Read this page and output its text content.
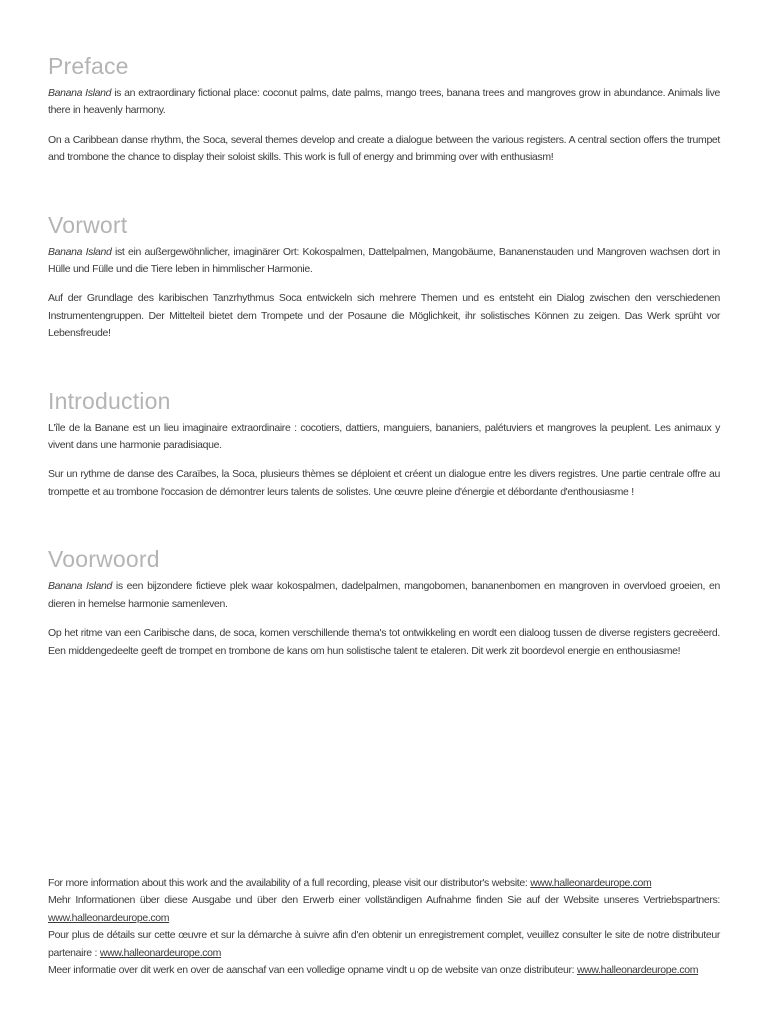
Preface

Banana Island is an extraordinary fictional place: coconut palms, date palms, mango trees, banana trees and mangroves grow in abundance. Animals live there in heavenly harmony.

On a Caribbean danse rhythm, the Soca, several themes develop and create a dialogue between the various registers. A central section offers the trumpet and trombone the chance to display their soloist skills. This work is full of energy and brimming over with enthusiasm!

Vorwort

Banana Island ist ein außergewöhnlicher, imaginärer Ort: Kokospalmen, Dattelpalmen, Mangobäume, Bananenstauden und Mangroven wachsen dort in Hülle und Fülle und die Tiere leben in himmlischer Harmonie.

Auf der Grundlage des karibischen Tanzrhythmus Soca entwickeln sich mehrere Themen und es entsteht ein Dialog zwischen den verschiedenen Instrumentengruppen. Der Mittelteil bietet dem Trompete und der Posaune die Möglichkeit, ihr solistisches Können zu zeigen. Das Werk sprüht vor Lebensfreude!

Introduction

L'île de la Banane est un lieu imaginaire extraordinaire : cocotiers, dattiers, manguiers, bananiers, palétuviers et mangroves la peuplent. Les animaux y vivent dans une harmonie paradisiaque.

Sur un rythme de danse des Caraïbes, la Soca, plusieurs thèmes se déploient et créent un dialogue entre les divers registres. Une partie centrale offre au trompette et au trombone l'occasion de démontrer leurs talents de solistes. Une œuvre pleine d'énergie et débordante d'enthousiasme !

Voorwoord

Banana Island is een bijzondere fictieve plek waar kokospalmen, dadelpalmen, mangobomen, bananenbomen en mangroven in overvloed groeien, en dieren in hemelse harmonie samenleven.

Op het ritme van een Caribische dans, de soca, komen verschillende thema's tot ontwikkeling en wordt een dialoog tussen de diverse registers gecreëerd. Een middengedeelte geeft de trompet en trombone de kans om hun solistische talent te etaleren. Dit werk zit boordevol energie en enthousiasme!

For more information about this work and the availability of a full recording, please visit our distributor's website: www.halleonardeurope.com

Mehr Informationen über diese Ausgabe und über den Erwerb einer vollständigen Aufnahme finden Sie auf der Website unseres Vertriebspartners: www.halleonardeurope.com

Pour plus de détails sur cette œuvre et sur la démarche à suivre afin d'en obtenir un enregistrement complet, veuillez consulter le site de notre distributeur partenaire : www.halleonardeurope.com

Meer informatie over dit werk en over de aanschaf van een volledige opname vindt u op de website van onze distributeur: www.halleonardeurope.com
